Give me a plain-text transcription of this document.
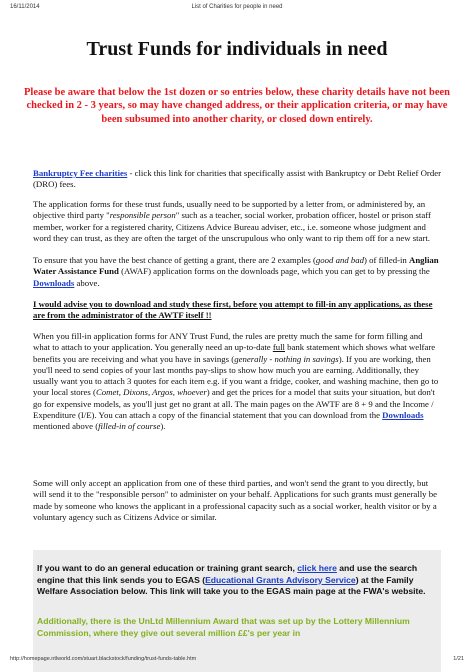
16/11/2014	List of Charities for people in need
Trust Funds for individuals in need
Please be aware that below the 1st dozen or so entries below, these charity details have not been checked in 2 - 3 years, so may have changed address, or their application criteria, or may have been subsumed into another charity, or closed down entirely.
Bankruptcy Fee charities - click this link for charities that specifically assist with Bankruptcy or Debt Relief Order (DRO) fees.
The application forms for these trust funds, usually need to be supported by a letter from, or administered by, an objective third party "responsible person" such as a teacher, social worker, probation officer, hostel or prison staff member, worker for a registered charity, Citizens Advice Bureau adviser, etc., i.e. someone whose judgment and word they can trust, as they are often the target of the unscrupulous who only want to rip them off for a new start.
To ensure that you have the best chance of getting a grant, there are 2 examples (good and bad) of filled-in Anglian Water Assistance Fund (AWAF) application forms on the downloads page, which you can get to by pressing the Downloads above.
I would advise you to download and study these first, before you attempt to fill-in any applications, as these are from the administrator of the AWTF itself !!
When you fill-in application forms for ANY Trust Fund, the rules are pretty much the same for form filling and what to attach to your application. You generally need an up-to-date full bank statement which shows what welfare benefits you are receiving and what you have in savings (generally - nothing in savings). If you are working, then you'll need to send copies of your last months pay-slips to show how much you are earning. Additionally, they usually want you to attach 3 quotes for each item e.g. if you want a fridge, cooker, and washing machine, then go to your local stores (Comet, Dixons, Argos, whoever) and get the prices for a model that suits your situation, but don't go for expensive models, as you'll just get no grant at all. The main pages on the AWTF are 8 + 9 and the Income / Expenditure (I/E). You can attach a copy of the financial statement that you can download from the Downloads mentioned above (filled-in of course).
Some will only accept an application from one of these third parties, and won't send the grant to you directly, but will send it to the "responsible person" to administer on your behalf. Applications for such grants must generally be made by someone who knows the applicant in a professional capacity such as a social worker, health visitor or by a voluntary agency such as Citizens Advice or similar.
If you want to do an general education or training grant search, click here and use the search engine that this link sends you to EGAS (Educational Grants Advisory Service) at the Family Welfare Association below. This link will take you to the EGAS main page at the FWA's website.
Additionally, there is the UnLtd Millennium Award that was set up by the Lottery Millennium Commission, where they give out several million ££'s per year in
http://homepage.ntlworld.com/stuart.blackstock/funding/trust-funds-table.htm	1/21
